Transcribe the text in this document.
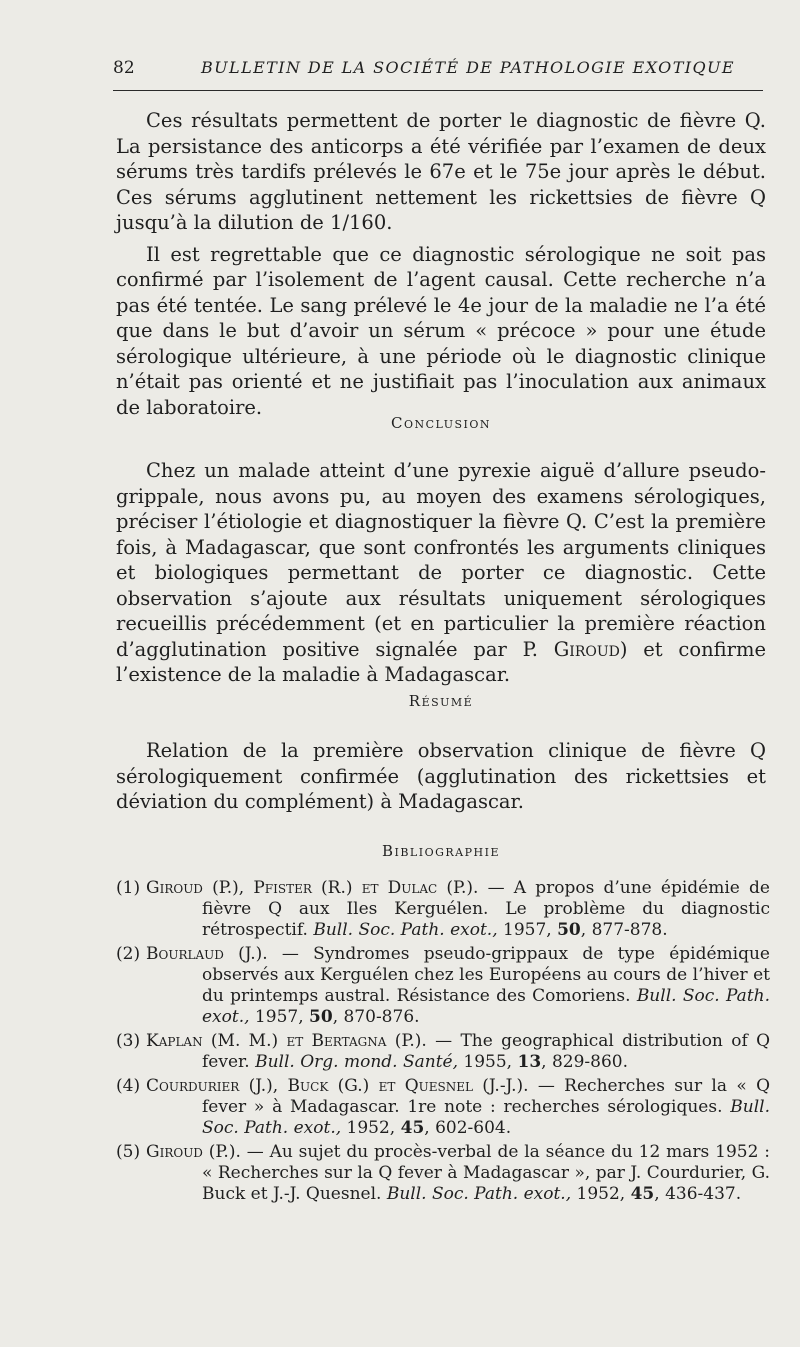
82	BULLETIN DE LA SOCIÉTÉ DE PATHOLOGIE EXOTIQUE

Ces résultats permettent de porter le diagnostic de fièvre Q. La persistance des anticorps a été vérifiée par l’examen de deux sérums très tardifs prélevés le 67e et le 75e jour après le début. Ces sérums agglutinent nettement les rickettsies de fièvre Q jusqu’à la dilution de 1/160.

Il est regrettable que ce diagnostic sérologique ne soit pas confirmé par l’isolement de l’agent causal. Cette recherche n’a pas été tentée. Le sang prélevé le 4e jour de la maladie ne l’a été que dans le but d’avoir un sérum « précoce » pour une étude sérologique ultérieure, à une période où le diagnostic clinique n’était pas orienté et ne justifiait pas l’inoculation aux animaux de laboratoire.

Conclusion

Chez un malade atteint d’une pyrexie aiguë d’allure pseudo-grippale, nous avons pu, au moyen des examens sérologiques, préciser l’étiologie et diagnostiquer la fièvre Q. C’est la première fois, à Madagascar, que sont confrontés les arguments cliniques et biologiques permettant de porter ce diagnostic. Cette observation s’ajoute aux résultats uniquement sérologiques recueillis précédemment (et en particulier la première réaction d’agglutination positive signalée par P. Giroud) et confirme l’existence de la maladie à Madagascar.

Résumé

Relation de la première observation clinique de fièvre Q sérologiquement confirmée (agglutination des rickettsies et déviation du complément) à Madagascar.

Bibliographie
(1) Giroud (P.), Pfister (R.) et Dulac (P.). — A propos d’une épidémie de fièvre Q aux Iles Kerguélen. Le problème du diagnostic rétrospectif. Bull. Soc. Path. exot., 1957, 50, 877-878.
(2) Bourlaud (J.). — Syndromes pseudo-grippaux de type épidémique observés aux Kerguélen chez les Européens au cours de l’hiver et du printemps austral. Résistance des Comoriens. Bull. Soc. Path. exot., 1957, 50, 870-876.
(3) Kaplan (M. M.) et Bertagna (P.). — The geographical distribution of Q fever. Bull. Org. mond. Santé, 1955, 13, 829-860.
(4) Courdurier (J.), Buck (G.) et Quesnel (J.-J.). — Recherches sur la « Q fever » à Madagascar. 1re note : recherches sérologiques. Bull. Soc. Path. exot., 1952, 45, 602-604.
(5) Giroud (P.). — Au sujet du procès-verbal de la séance du 12 mars 1952 : « Recherches sur la Q fever à Madagascar », par J. Courdurier, G. Buck et J.-J. Quesnel. Bull. Soc. Path. exot., 1952, 45, 436-437.
